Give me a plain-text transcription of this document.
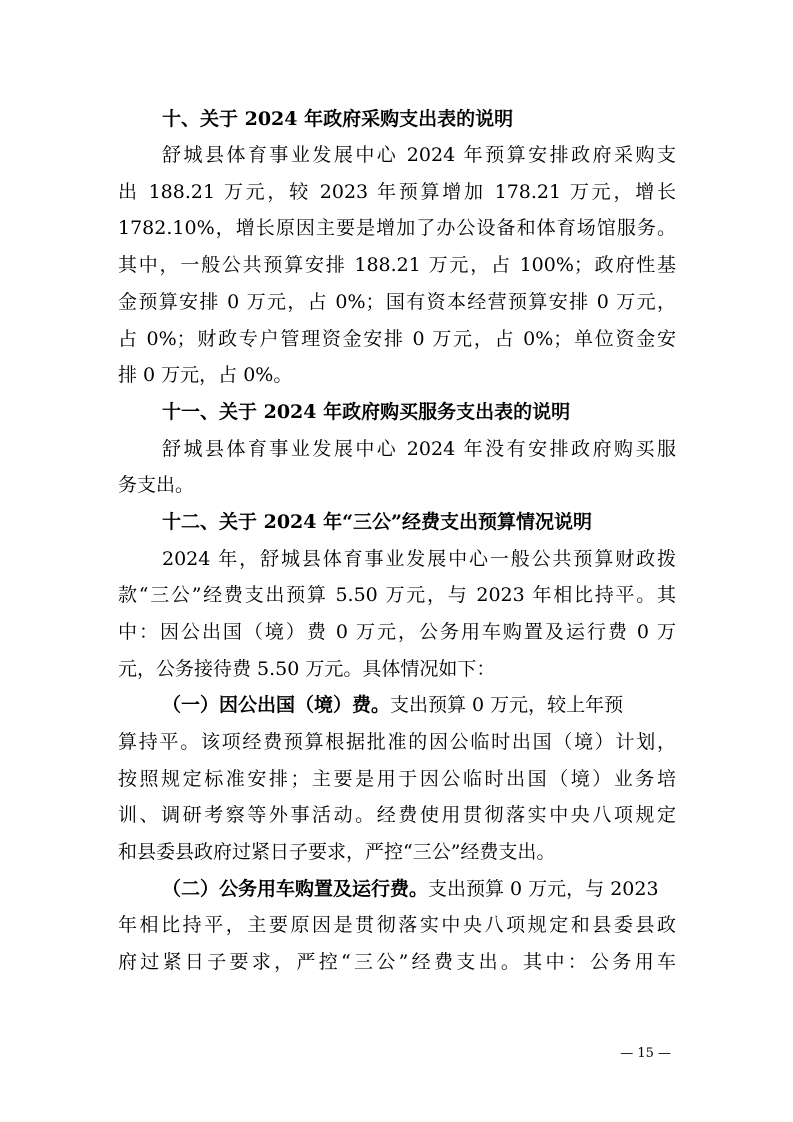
十、关于 2024 年政府采购支出表的说明
舒城县体育事业发展中心 2024 年预算安排政府采购支
出 188.21 万元，较 2023 年预算增加 178.21 万元，增长
1782.10%，增长原因主要是增加了办公设备和体育场馆服务。
其中，一般公共预算安排 188.21 万元，占 100%；政府性基
金预算安排 0 万元，占 0%；国有资本经营预算安排 0 万元，
占 0%；财政专户管理资金安排 0 万元，占 0%；单位资金安
排 0 万元，占 0%。
十一、关于 2024 年政府购买服务支出表的说明
舒城县体育事业发展中心 2024 年没有安排政府购买服
务支出。
十二、关于 2024 年“三公”经费支出预算情况说明
2024 年，舒城县体育事业发展中心一般公共预算财政拨
款“三公”经费支出预算 5.50 万元，与 2023 年相比持平。其
中：因公出国（境）费 0 万元，公务用车购置及运行费 0 万
元，公务接待费 5.50 万元。具体情况如下：
（一）因公出国（境）费。支出预算 0 万元，较上年预
算持平。该项经费预算根据批准的因公临时出国（境）计划，
按照规定标准安排；主要是用于因公临时出国（境）业务培
训、调研考察等外事活动。经费使用贯彻落实中央八项规定
和县委县政府过紧日子要求，严控“三公”经费支出。
（二）公务用车购置及运行费。支出预算 0 万元，与 2023
年相比持平，主要原因是贯彻落实中央八项规定和县委县政
府过紧日子要求，严控“三公”经费支出。其中：公务用车
— 15 —
